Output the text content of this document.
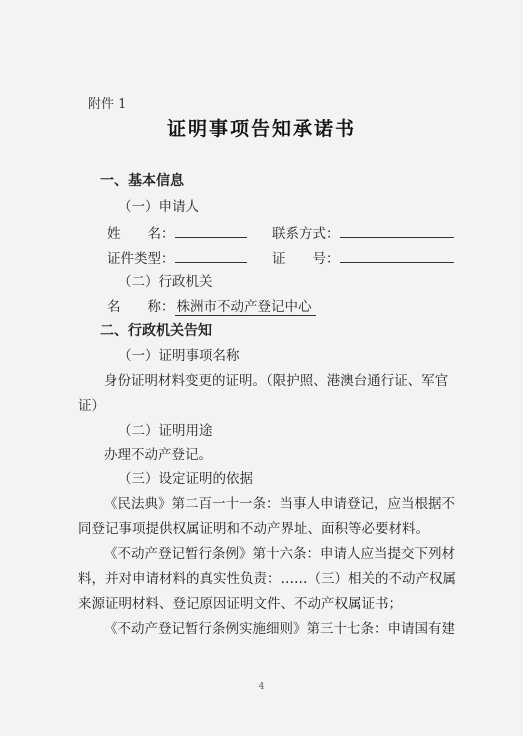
附件 1
证明事项告知承诺书
一、基本信息
（一）申请人
姓　　名：	联系方式：
证件类型：	证　　号：
（二）行政机关
名　　称： 株洲市不动产登记中心
二、行政机关告知
（一）证明事项名称
身份证明材料变更的证明。（限护照、港澳台通行证、军官
证）
（二）证明用途
办理不动产登记。
（三）设定证明的依据
《民法典》第二百一十一条：当事人申请登记，应当根据不
同登记事项提供权属证明和不动产界址、面积等必要材料。
《不动产登记暂行条例》第十六条：申请人应当提交下列材
料，并对申请材料的真实性负责：……（三）相关的不动产权属
来源证明材料、登记原因证明文件、不动产权属证书；
《不动产登记暂行条例实施细则》第三十七条：申请国有建
4
